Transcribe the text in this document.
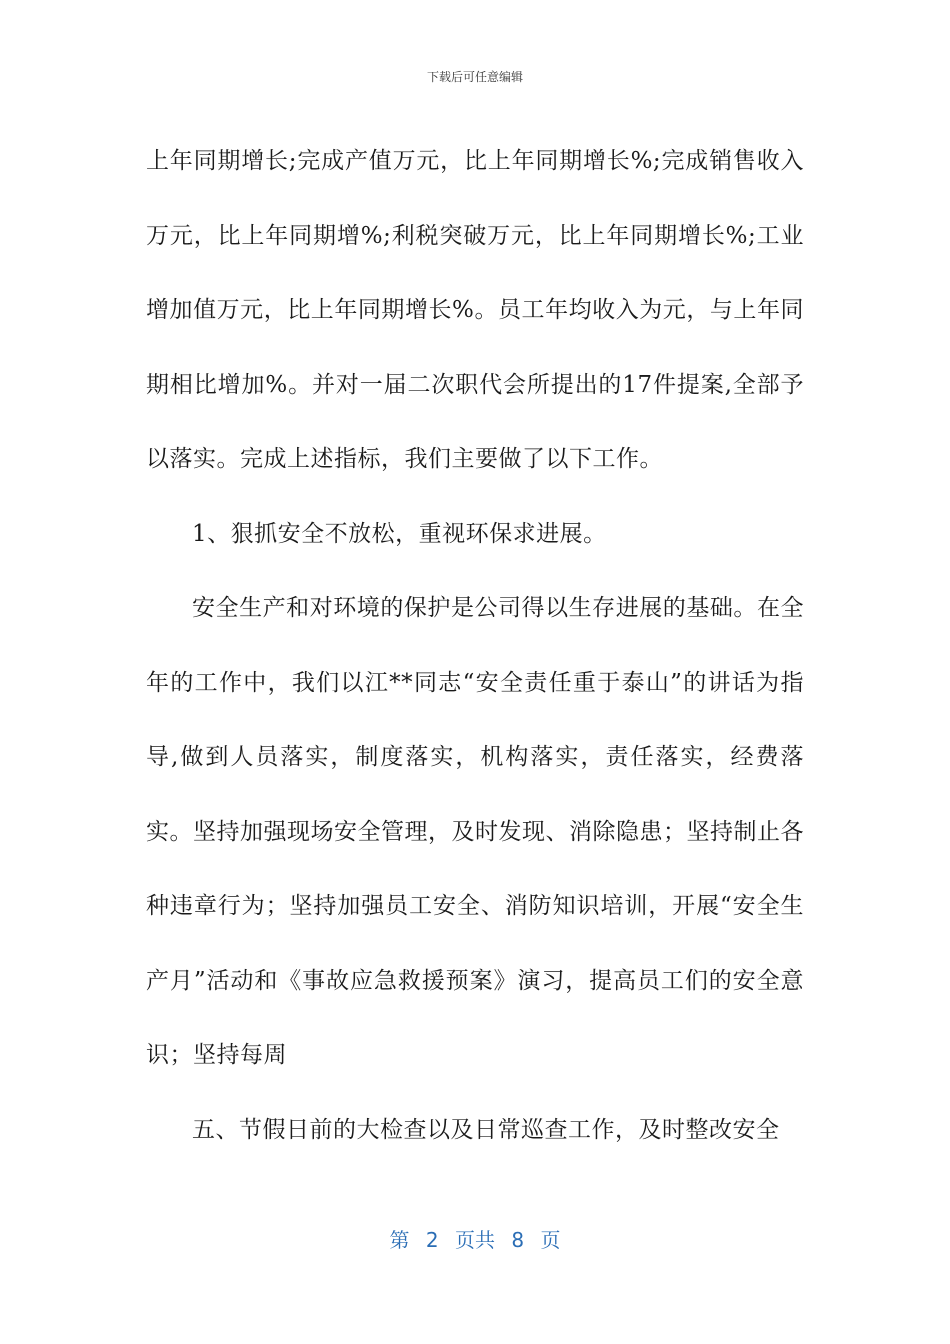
下载后可任意编辑

上年同期增长;完成产值万元，比上年同期增长%;完成销售收入万元，比上年同期增%;利税突破万元，比上年同期增长%;工业增加值万元，比上年同期增长%。员工年均收入为元，与上年同期相比增加%。并对一届二次职代会所提出的17件提案,全部予以落实。完成上述指标，我们主要做了以下工作。

1、狠抓安全不放松，重视环保求进展。

安全生产和对环境的保护是公司得以生存进展的基础。在全年的工作中，我们以江**同志“安全责任重于泰山”的讲话为指导,做到人员落实，制度落实，机构落实，责任落实，经费落实。坚持加强现场安全管理，及时发现、消除隐患；坚持制止各种违章行为；坚持加强员工安全、消防知识培训，开展“安全生产月”活动和《事故应急救援预案》演习，提高员工们的安全意识；坚持每周

五、节假日前的大检查以及日常巡查工作，及时整改安全

第 2 页共 8 页
